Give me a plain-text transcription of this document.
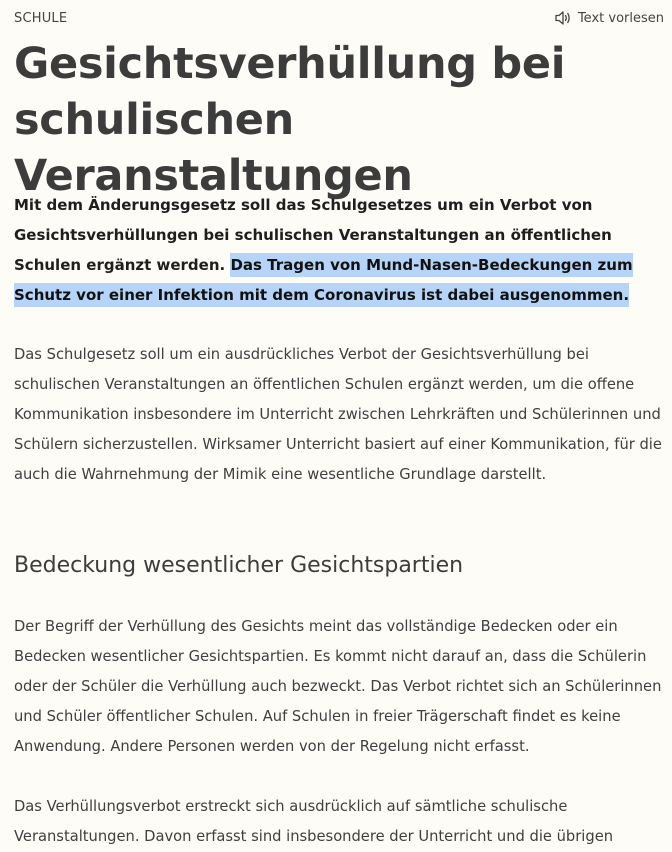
SCHULE	Text vorlesen
Gesichtsverhüllung bei schulischen Veranstaltungen

Mit dem Änderungsgesetz soll das Schulgesetzes um ein Verbot von Gesichtsverhüllungen bei schulischen Veranstaltungen an öffentlichen Schulen ergänzt werden. Das Tragen von Mund-Nasen-Bedeckungen zum Schutz vor einer Infektion mit dem Coronavirus ist dabei ausgenommen.

Das Schulgesetz soll um ein ausdrückliches Verbot der Gesichtsverhüllung bei schulischen Veranstaltungen an öffentlichen Schulen ergänzt werden, um die offene Kommunikation insbesondere im Unterricht zwischen Lehrkräften und Schülerinnen und Schülern sicherzustellen. Wirksamer Unterricht basiert auf einer Kommunikation, für die auch die Wahrnehmung der Mimik eine wesentliche Grundlage darstellt.

Bedeckung wesentlicher Gesichtspartien

Der Begriff der Verhüllung des Gesichts meint das vollständige Bedecken oder ein Bedecken wesentlicher Gesichtspartien. Es kommt nicht darauf an, dass die Schülerin oder der Schüler die Verhüllung auch bezweckt. Das Verbot richtet sich an Schülerinnen und Schüler öffentlicher Schulen. Auf Schulen in freier Trägerschaft findet es keine Anwendung. Andere Personen werden von der Regelung nicht erfasst.

Das Verhüllungsverbot erstreckt sich ausdrücklich auf sämtliche schulische Veranstaltungen. Davon erfasst sind insbesondere der Unterricht und die übrigen
